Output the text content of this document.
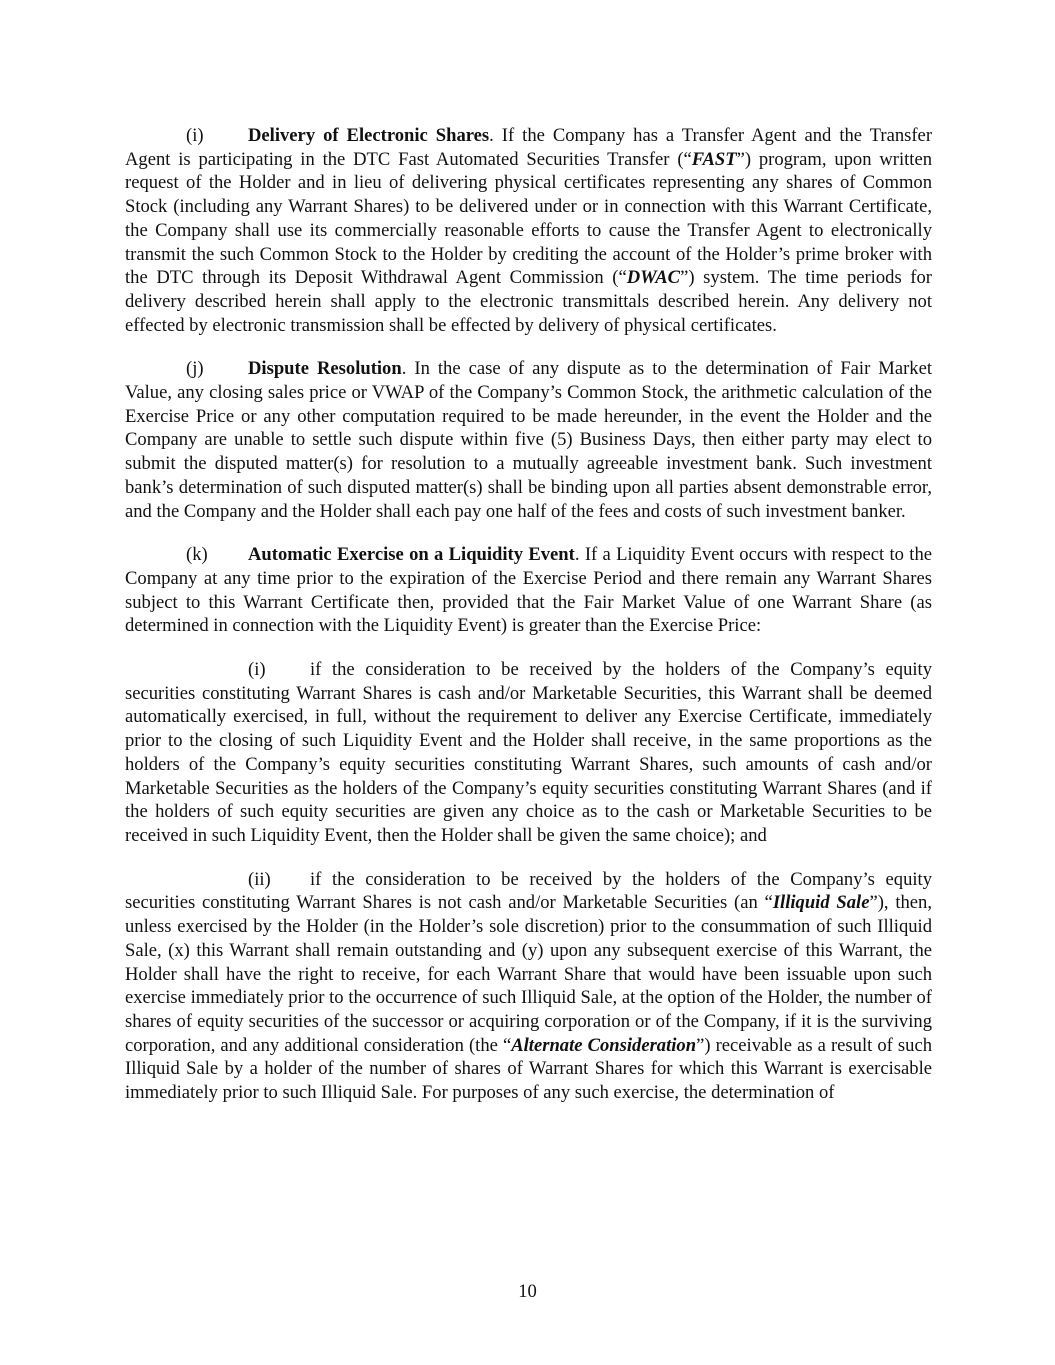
(i) Delivery of Electronic Shares. If the Company has a Transfer Agent and the Transfer Agent is participating in the DTC Fast Automated Securities Transfer (“FAST”) program, upon written request of the Holder and in lieu of delivering physical certificates representing any shares of Common Stock (including any Warrant Shares) to be delivered under or in connection with this Warrant Certificate, the Company shall use its commercially reasonable efforts to cause the Transfer Agent to electronically transmit the such Common Stock to the Holder by crediting the account of the Holder’s prime broker with the DTC through its Deposit Withdrawal Agent Commission (“DWAC”) system. The time periods for delivery described herein shall apply to the electronic transmittals described herein. Any delivery not effected by electronic transmission shall be effected by delivery of physical certificates.

(j) Dispute Resolution. In the case of any dispute as to the determination of Fair Market Value, any closing sales price or VWAP of the Company’s Common Stock, the arithmetic calculation of the Exercise Price or any other computation required to be made hereunder, in the event the Holder and the Company are unable to settle such dispute within five (5) Business Days, then either party may elect to submit the disputed matter(s) for resolution to a mutually agreeable investment bank. Such investment bank’s determination of such disputed matter(s) shall be binding upon all parties absent demonstrable error, and the Company and the Holder shall each pay one half of the fees and costs of such investment banker.

(k) Automatic Exercise on a Liquidity Event. If a Liquidity Event occurs with respect to the Company at any time prior to the expiration of the Exercise Period and there remain any Warrant Shares subject to this Warrant Certificate then, provided that the Fair Market Value of one Warrant Share (as determined in connection with the Liquidity Event) is greater than the Exercise Price:

(i) if the consideration to be received by the holders of the Company’s equity securities constituting Warrant Shares is cash and/or Marketable Securities, this Warrant shall be deemed automatically exercised, in full, without the requirement to deliver any Exercise Certificate, immediately prior to the closing of such Liquidity Event and the Holder shall receive, in the same proportions as the holders of the Company’s equity securities constituting Warrant Shares, such amounts of cash and/or Marketable Securities as the holders of the Company’s equity securities constituting Warrant Shares (and if the holders of such equity securities are given any choice as to the cash or Marketable Securities to be received in such Liquidity Event, then the Holder shall be given the same choice); and

(ii) if the consideration to be received by the holders of the Company’s equity securities constituting Warrant Shares is not cash and/or Marketable Securities (an “Illiquid Sale”), then, unless exercised by the Holder (in the Holder’s sole discretion) prior to the consummation of such Illiquid Sale, (x) this Warrant shall remain outstanding and (y) upon any subsequent exercise of this Warrant, the Holder shall have the right to receive, for each Warrant Share that would have been issuable upon such exercise immediately prior to the occurrence of such Illiquid Sale, at the option of the Holder, the number of shares of equity securities of the successor or acquiring corporation or of the Company, if it is the surviving corporation, and any additional consideration (the “Alternate Consideration”) receivable as a result of such Illiquid Sale by a holder of the number of shares of Warrant Shares for which this Warrant is exercisable immediately prior to such Illiquid Sale. For purposes of any such exercise, the determination of

10
